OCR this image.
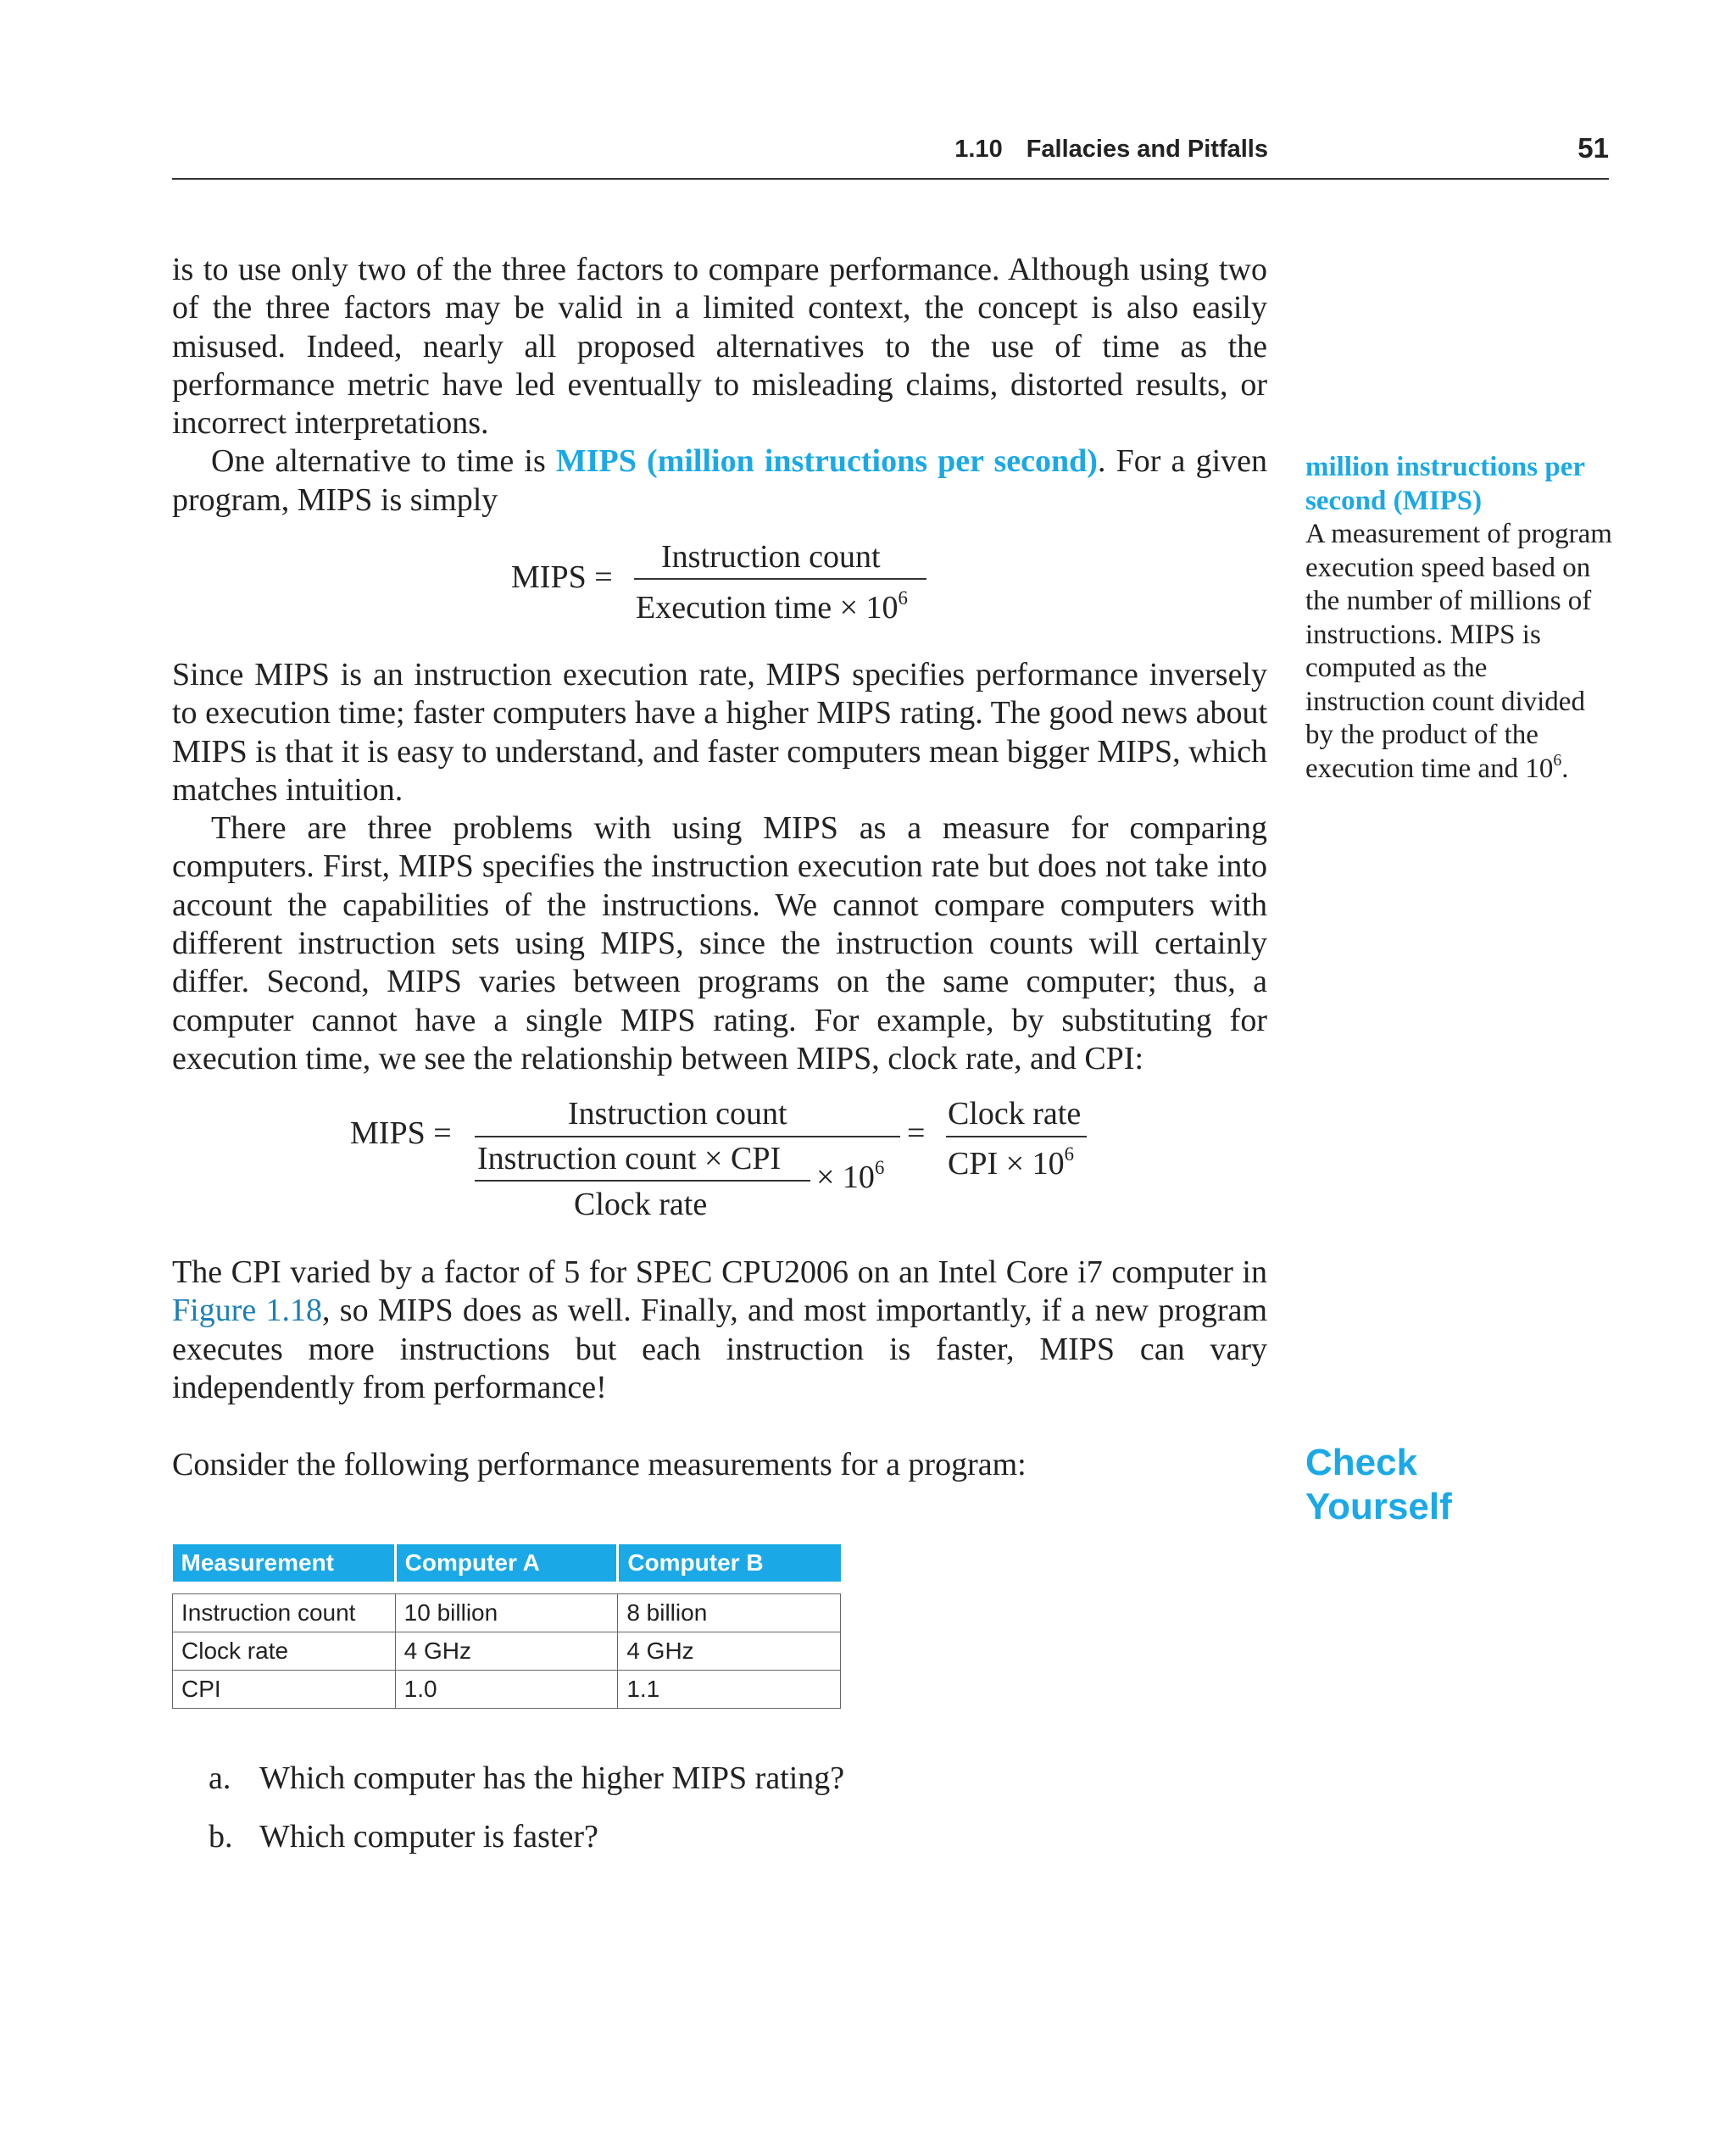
1.10 Fallacies and Pitfalls	51

is to use only two of the three factors to compare performance. Although using two of the three factors may be valid in a limited context, the concept is also easily misused. Indeed, nearly all proposed alternatives to the use of time as the performance metric have led eventually to misleading claims, distorted results, or incorrect interpretations.

One alternative to time is MIPS (million instructions per second). For a given program, MIPS is simply

MIPS =
Instruction count
Execution time × $10^6$

Since MIPS is an instruction execution rate, MIPS specifies performance inversely to execution time; faster computers have a higher MIPS rating. The good news about MIPS is that it is easy to understand, and faster computers mean bigger MIPS, which matches intuition.

There are three problems with using MIPS as a measure for comparing computers. First, MIPS specifies the instruction execution rate but does not take into account the capabilities of the instructions. We cannot compare computers with different instruction sets using MIPS, since the instruction counts will certainly differ. Second, MIPS varies between programs on the same computer; thus, a computer cannot have a single MIPS rating. For example, by substituting for execution time, we see the relationship between MIPS, clock rate, and CPI:

MIPS =
Instruction count
Instruction count × CPI
Clock rate
× $10^6$
=
Clock rate
CPI × $10^6$

The CPI varied by a factor of 5 for SPEC CPU2006 on an Intel Core i7 computer in Figure 1.18, so MIPS does as well. Finally, and most importantly, if a new program executes more instructions but each instruction is faster, MIPS can vary independently from performance!

Consider the following performance measurements for a program:

million instructions per second (MIPS)
A measurement of program execution speed based on the number of millions of instructions. MIPS is computed as the instruction count divided by the product of the execution time and $10^6$.
Check
Yourself
Measurement	Computer A	Computer B

Instruction count	10 billion	8 billion
Clock rate	4 GHz	4 GHz
CPI	1.0	1.1
a. Which computer has the higher MIPS rating?
b. Which computer is faster?
